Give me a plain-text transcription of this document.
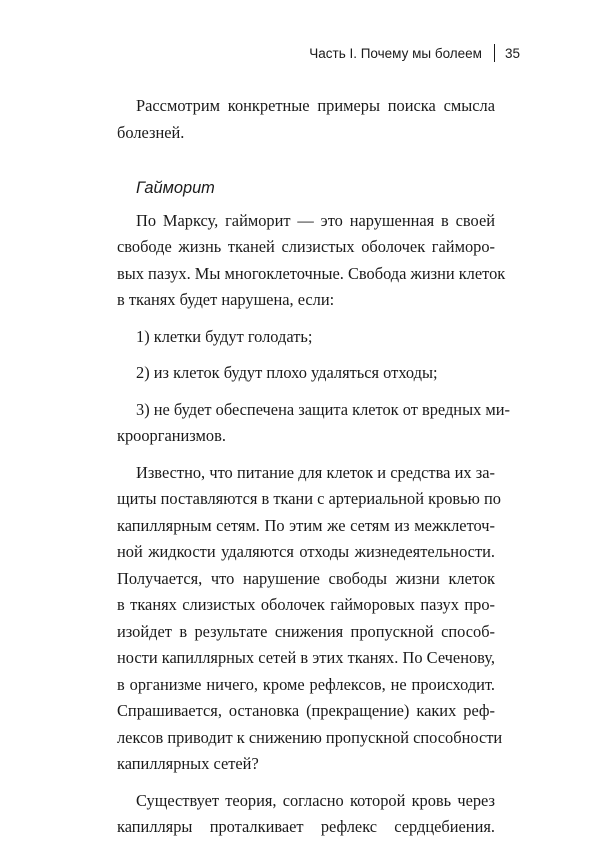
Часть I. Почему мы болеем 35

Рассмотрим конкретные примеры поиска смысла
болезней.

Гайморит

По Марксу, гайморит — это нарушенная в своей
свободе жизнь тканей слизистых оболочек гайморо-
вых пазух. Мы многоклеточные. Свобода жизни клеток
в тканях будет нарушена, если:

1) клетки будут голодать;

2) из клеток будут плохо удаляться отходы;

3) не будет обеспечена защита клеток от вредных ми-
кроорганизмов.

Известно, что питание для клеток и средства их за-
щиты поставляются в ткани с артериальной кровью по
капиллярным сетям. По этим же сетям из межклеточ-
ной жидкости удаляются отходы жизнедеятельности.
Получается, что нарушение свободы жизни клеток
в тканях слизистых оболочек гайморовых пазух про-
изойдет в результате снижения пропускной способ-
ности капиллярных сетей в этих тканях. По Сеченову,
в организме ничего, кроме рефлексов, не происходит.
Спрашивается, остановка (прекращение) каких реф-
лексов приводит к снижению пропускной способности
капиллярных сетей?

Существует теория, согласно которой кровь через
капилляры проталкивает рефлекс сердцебиения.
